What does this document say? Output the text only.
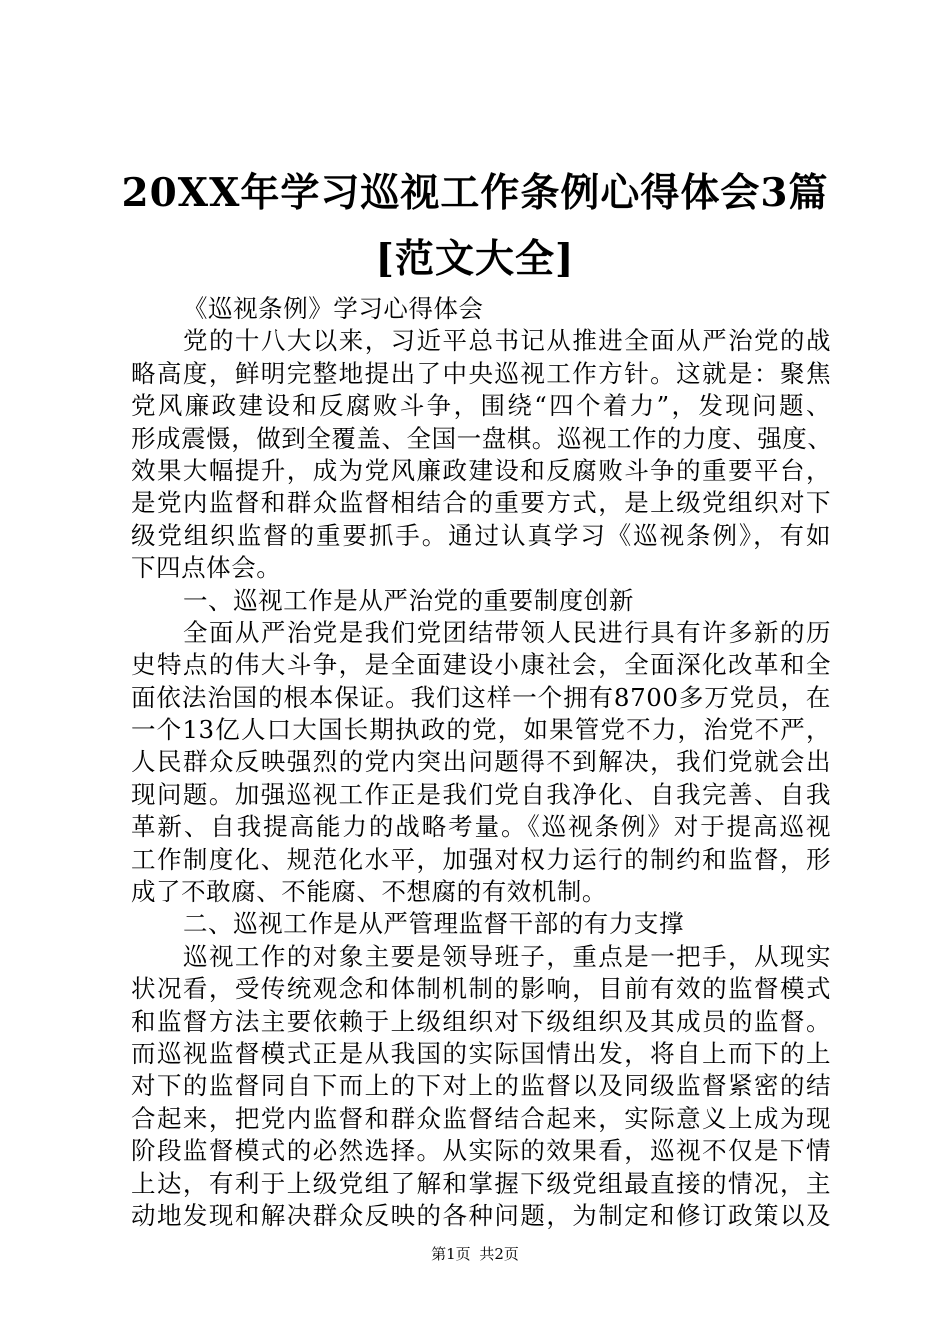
20XX年学习巡视工作条例心得体会3篇[范文大全]
《巡视条例》学习心得体会
党的十八大以来，习近平总书记从推进全面从严治党的战
略高度，鲜明完整地提出了中央巡视工作方针。这就是：聚焦
党风廉政建设和反腐败斗争，围绕“四个着力”，发现问题、
形成震慑，做到全覆盖、全国一盘棋。巡视工作的力度、强度、
效果大幅提升，成为党风廉政建设和反腐败斗争的重要平台，
是党内监督和群众监督相结合的重要方式，是上级党组织对下
级党组织监督的重要抓手。通过认真学习《巡视条例》，有如
下四点体会。
一、巡视工作是从严治党的重要制度创新
全面从严治党是我们党团结带领人民进行具有许多新的历
史特点的伟大斗争，是全面建设小康社会，全面深化改革和全
面依法治国的根本保证。我们这样一个拥有8700多万党员，在
一个13亿人口大国长期执政的党，如果管党不力，治党不严，
人民群众反映强烈的党内突出问题得不到解决，我们党就会出
现问题。加强巡视工作正是我们党自我净化、自我完善、自我
革新、自我提高能力的战略考量。《巡视条例》对于提高巡视
工作制度化、规范化水平，加强对权力运行的制约和监督，形
成了不敢腐、不能腐、不想腐的有效机制。
二、巡视工作是从严管理监督干部的有力支撑
巡视工作的对象主要是领导班子，重点是一把手，从现实
状况看，受传统观念和体制机制的影响，目前有效的监督模式
和监督方法主要依赖于上级组织对下级组织及其成员的监督。
而巡视监督模式正是从我国的实际国情出发，将自上而下的上
对下的监督同自下而上的下对上的监督以及同级监督紧密的结
合起来，把党内监督和群众监督结合起来，实际意义上成为现
阶段监督模式的必然选择。从实际的效果看，巡视不仅是下情
上达，有利于上级党组了解和掌握下级党组最直接的情况，主
动地发现和解决群众反映的各种问题，为制定和修订政策以及
第1页 共2页
